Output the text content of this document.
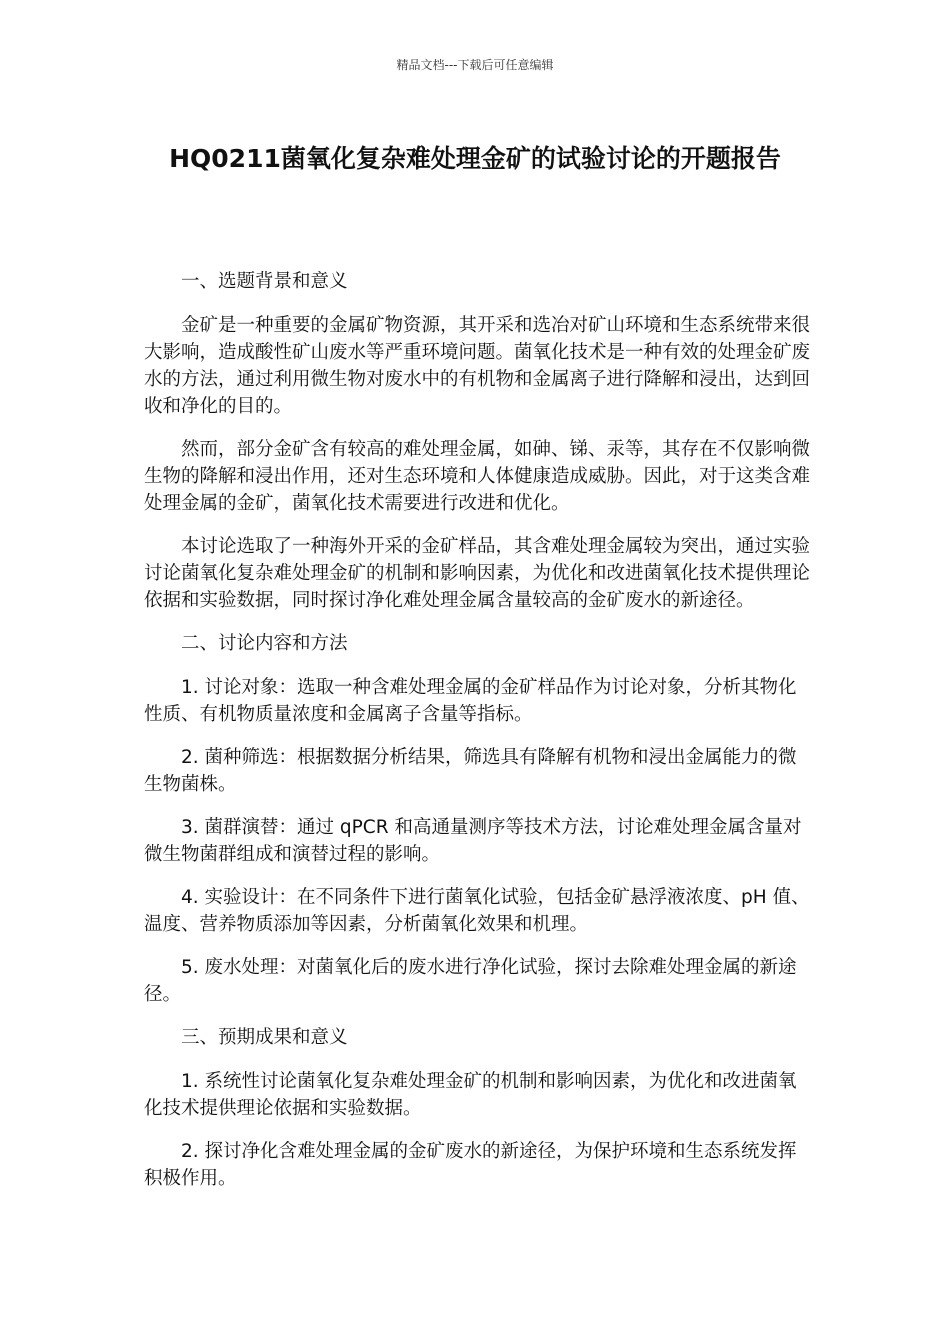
精品文档---下载后可任意编辑
HQ0211菌氧化复杂难处理金矿的试验讨论的开题报告

一、选题背景和意义

金矿是一种重要的金属矿物资源，其开采和选冶对矿山环境和生态系统带来很大影响，造成酸性矿山废水等严重环境问题。菌氧化技术是一种有效的处理金矿废水的方法，通过利用微生物对废水中的有机物和金属离子进行降解和浸出，达到回收和净化的目的。

然而，部分金矿含有较高的难处理金属，如砷、锑、汞等，其存在不仅影响微生物的降解和浸出作用，还对生态环境和人体健康造成威胁。因此，对于这类含难处理金属的金矿，菌氧化技术需要进行改进和优化。

本讨论选取了一种海外开采的金矿样品，其含难处理金属较为突出，通过实验讨论菌氧化复杂难处理金矿的机制和影响因素，为优化和改进菌氧化技术提供理论依据和实验数据，同时探讨净化难处理金属含量较高的金矿废水的新途径。

二、讨论内容和方法

1. 讨论对象：选取一种含难处理金属的金矿样品作为讨论对象，分析其物化性质、有机物质量浓度和金属离子含量等指标。

2. 菌种筛选：根据数据分析结果，筛选具有降解有机物和浸出金属能力的微生物菌株。

3. 菌群演替：通过 qPCR 和高通量测序等技术方法，讨论难处理金属含量对微生物菌群组成和演替过程的影响。

4. 实验设计：在不同条件下进行菌氧化试验，包括金矿悬浮液浓度、pH 值、温度、营养物质添加等因素，分析菌氧化效果和机理。

5. 废水处理：对菌氧化后的废水进行净化试验，探讨去除难处理金属的新途径。

三、预期成果和意义

1. 系统性讨论菌氧化复杂难处理金矿的机制和影响因素，为优化和改进菌氧化技术提供理论依据和实验数据。

2. 探讨净化含难处理金属的金矿废水的新途径，为保护环境和生态系统发挥积极作用。
